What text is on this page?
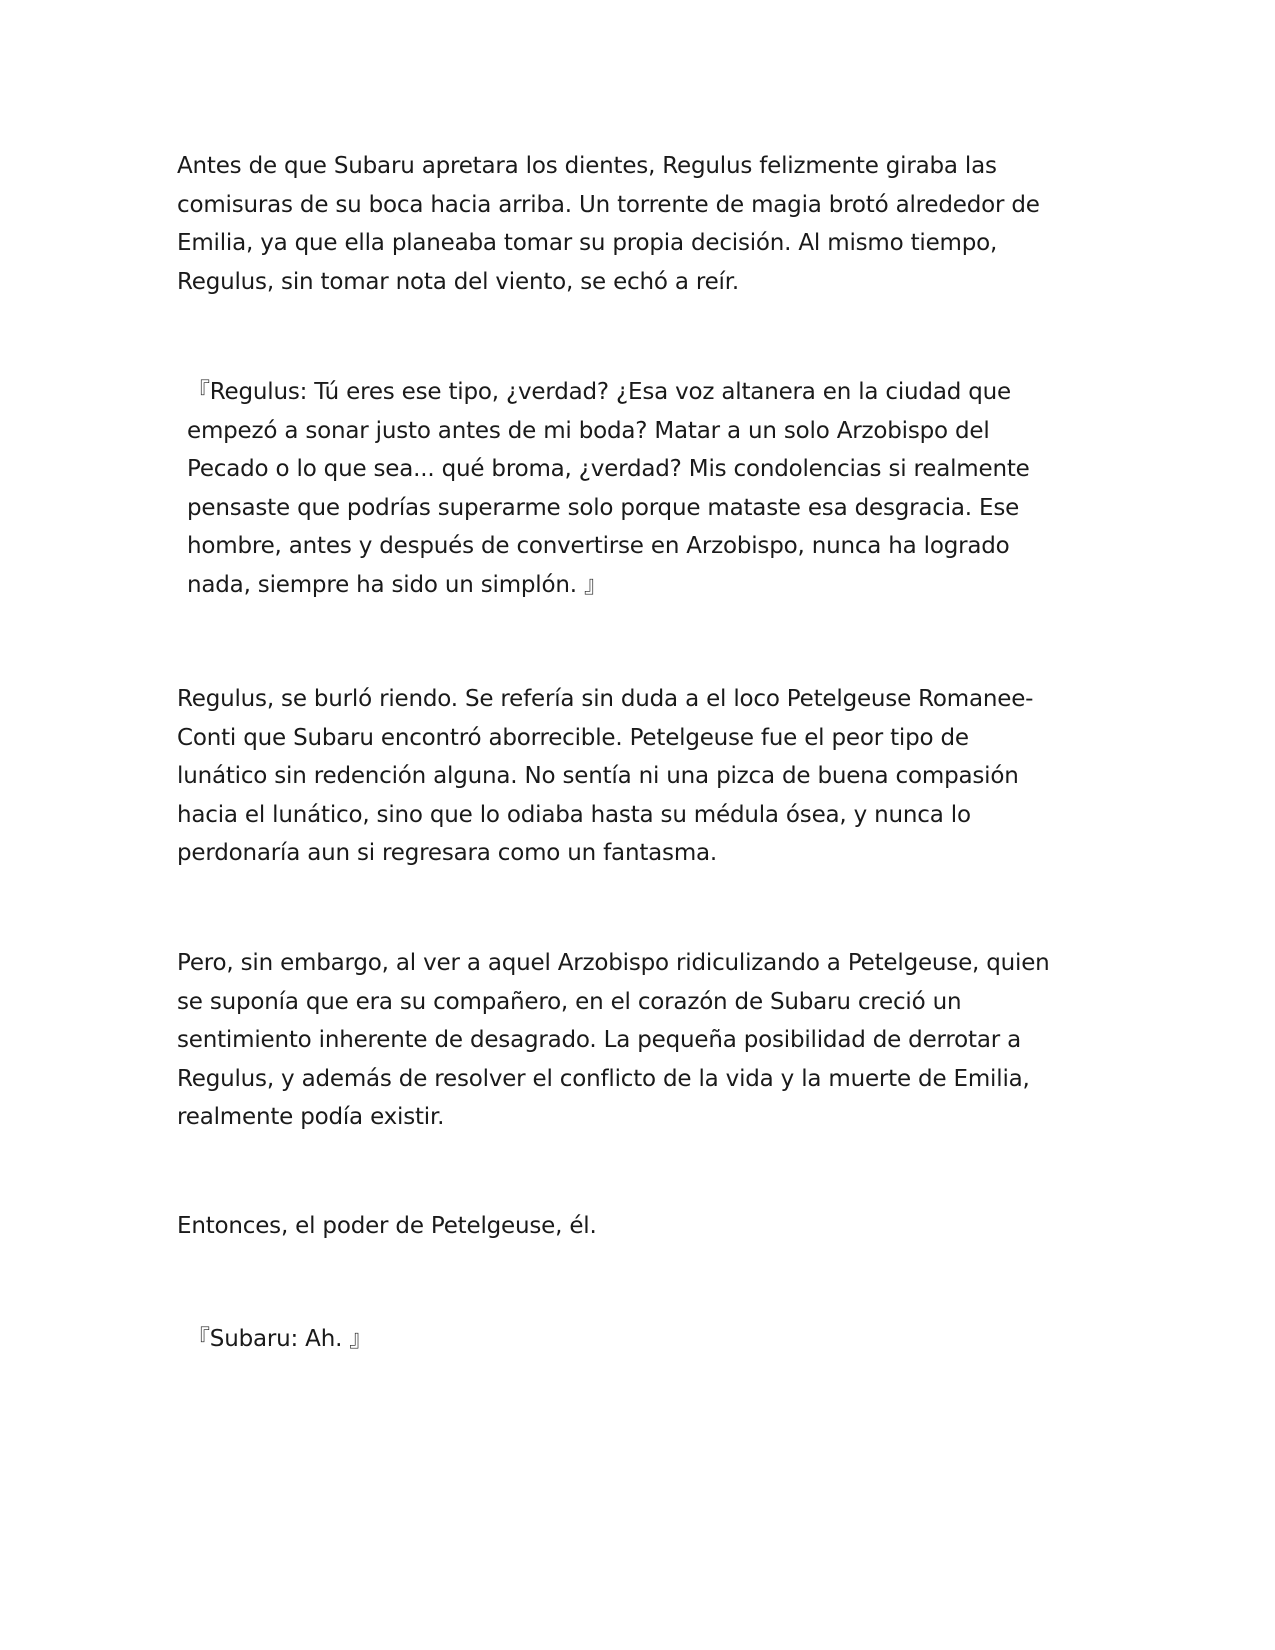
Antes de que Subaru apretara los dientes, Regulus felizmente giraba las
comisuras de su boca hacia arriba. Un torrente de magia brotó alrededor de
Emilia, ya que ella planeaba tomar su propia decisión. Al mismo tiempo,
Regulus, sin tomar nota del viento, se echó a reír.

『Regulus: Tú eres ese tipo, ¿verdad? ¿Esa voz altanera en la ciudad que
empezó a sonar justo antes de mi boda? Matar a un solo Arzobispo del
Pecado o lo que sea... qué broma, ¿verdad? Mis condolencias si realmente
pensaste que podrías superarme solo porque mataste esa desgracia. Ese
hombre, antes y después de convertirse en Arzobispo, nunca ha logrado
nada, siempre ha sido un simplón. 』

Regulus, se burló riendo. Se refería sin duda a el loco Petelgeuse Romanee-
Conti que Subaru encontró aborrecible. Petelgeuse fue el peor tipo de
lunático sin redención alguna. No sentía ni una pizca de buena compasión
hacia el lunático, sino que lo odiaba hasta su médula ósea, y nunca lo
perdonaría aun si regresara como un fantasma.

Pero, sin embargo, al ver a aquel Arzobispo ridiculizando a Petelgeuse, quien
se suponía que era su compañero, en el corazón de Subaru creció un
sentimiento inherente de desagrado. La pequeña posibilidad de derrotar a
Regulus, y además de resolver el conflicto de la vida y la muerte de Emilia,
realmente podía existir.

Entonces, el poder de Petelgeuse, él.

『Subaru: Ah. 』
